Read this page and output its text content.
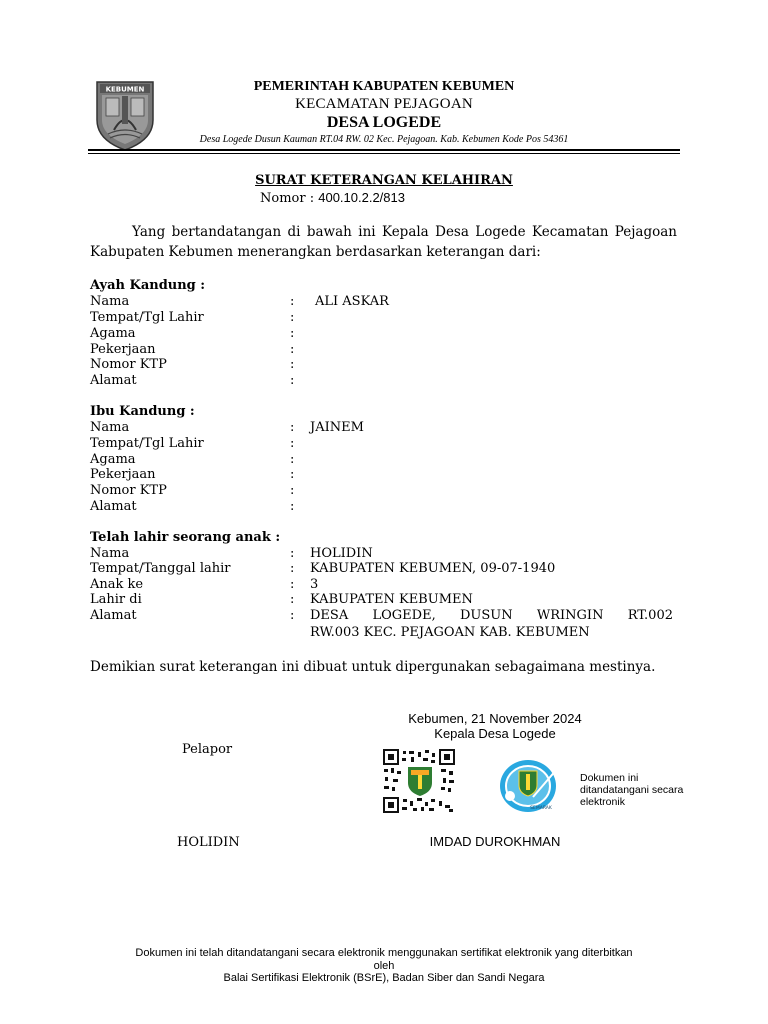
KEBUMEN	PEMERINTAH KABUPATEN KEBUMEN
KECAMATAN PEJAGOAN
DESA LOGEDE
Desa Logede Dusun Kauman RT.04 RW. 02 Kec. Pejagoan. Kab. Kebumen Kode Pos 54361
SURAT KETERANGAN KELAHIRAN
Nomor : 400.10.2.2/813
Yang bertandatangan di bawah ini Kepala Desa Logede Kecamatan Pejagoan Kabupaten Kebumen menerangkan berdasarkan keterangan dari:
Ayah Kandung :
Nama	: ALI ASKAR
Tempat/Tgl Lahir	:
Agama	:
Pekerjaan	:
Nomor KTP	:
Alamat	:
Ibu Kandung :
Nama	: JAINEM
Tempat/Tgl Lahir	:
Agama	:
Pekerjaan	:
Nomor KTP	:
Alamat	:
Telah lahir seorang anak :
Nama	: HOLIDIN
Tempat/Tanggal lahir	: KABUPATEN KEBUMEN, 09-07-1940
Anak ke	: 3
Lahir di	: KABUPATEN KEBUMEN
Alamat	: DESA LOGEDE, DUSUN WRINGIN RT.002
RW.003 KEC. PEJAGOAN KAB. KEBUMEN
Demikian surat keterangan ini dibuat untuk dipergunakan sebagaimana mestinya.
Kebumen, 21 November 2024
Kepala Desa Logede
Pelapor
SEMARAK
Dokumen ini ditandatangani secara elektronik
HOLIDIN	IMDAD DUROKHMAN
Dokumen ini telah ditandatangani secara elektronik menggunakan sertifikat elektronik yang diterbitkan
oleh
Balai Sertifikasi Elektronik (BSrE), Badan Siber dan Sandi Negara
